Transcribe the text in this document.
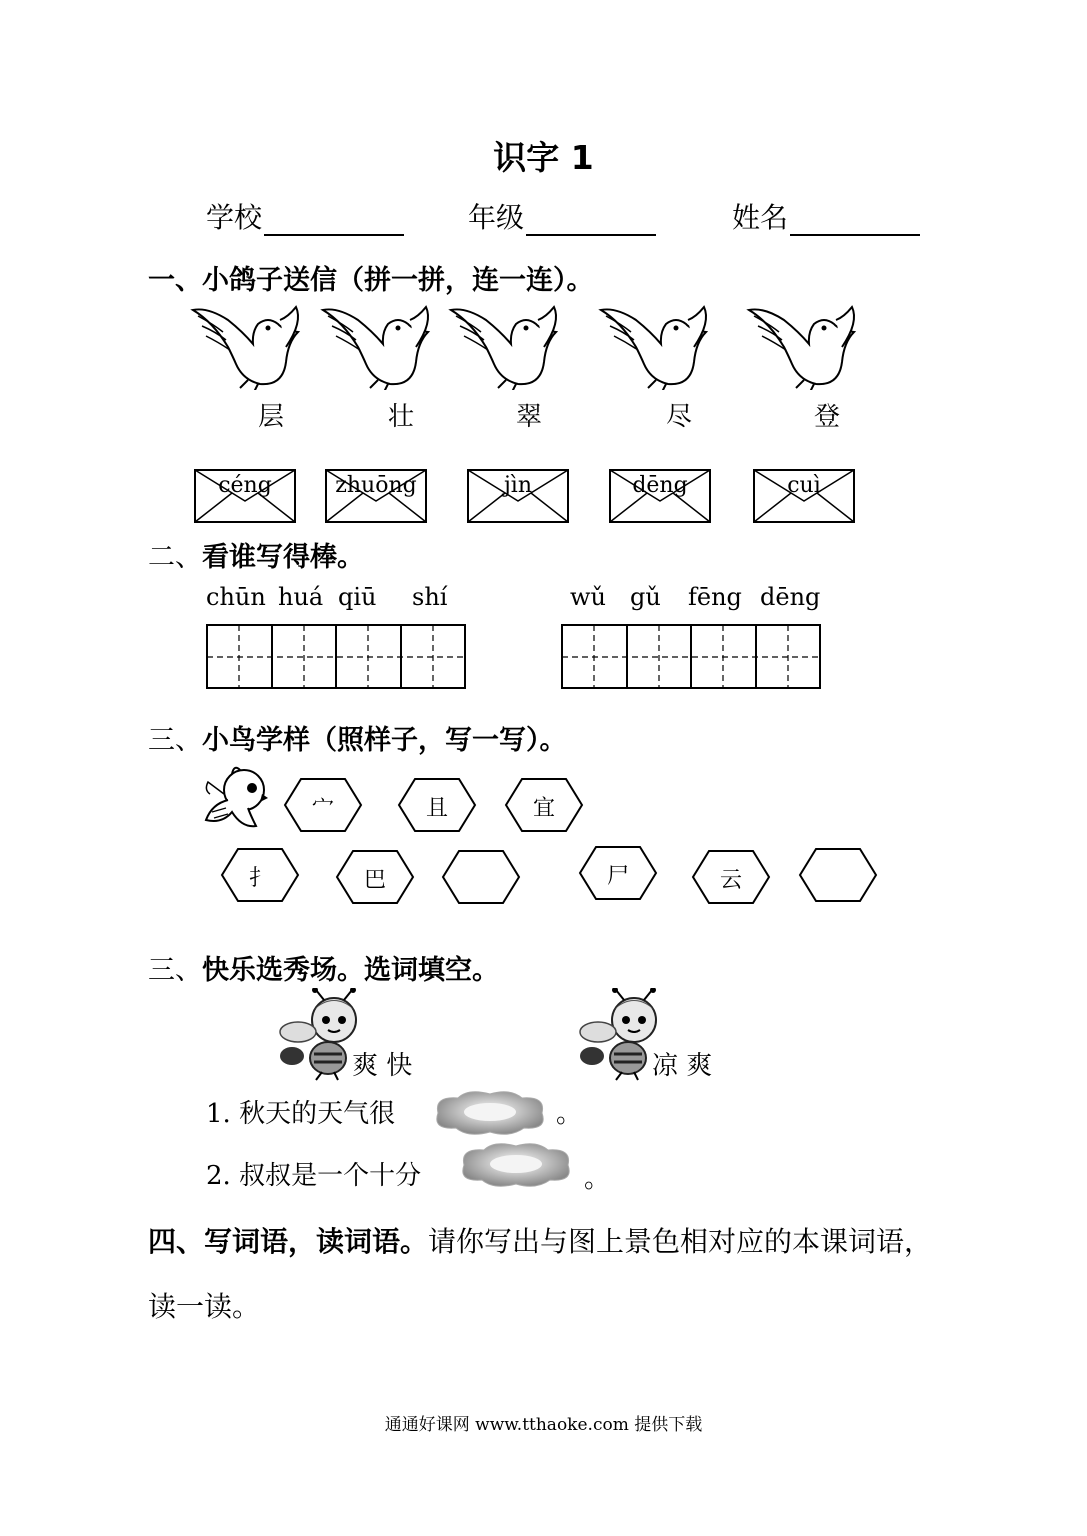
识字 1
学校	年级	姓名
一、小鸽子送信（拼一拼，连一连）。
层	壮	翠	尽	登
céng	zhuōng	jìn	dēng	cuì
二、看谁写得棒。
chūn huá qiū shí	wǔ gǔ fēng dēng
三、小鸟学样（照样子，写一写）。
宀	且	宜
扌	巴	尸	云
三、快乐选秀场。选词填空。
爽 快	凉 爽
1. 秋天的天气很	。
2. 叔叔是一个十分	。
四、写词语，读词语。请你写出与图上景色相对应的本课词语，
读一读。
通通好课网 www.tthaoke.com 提供下载
